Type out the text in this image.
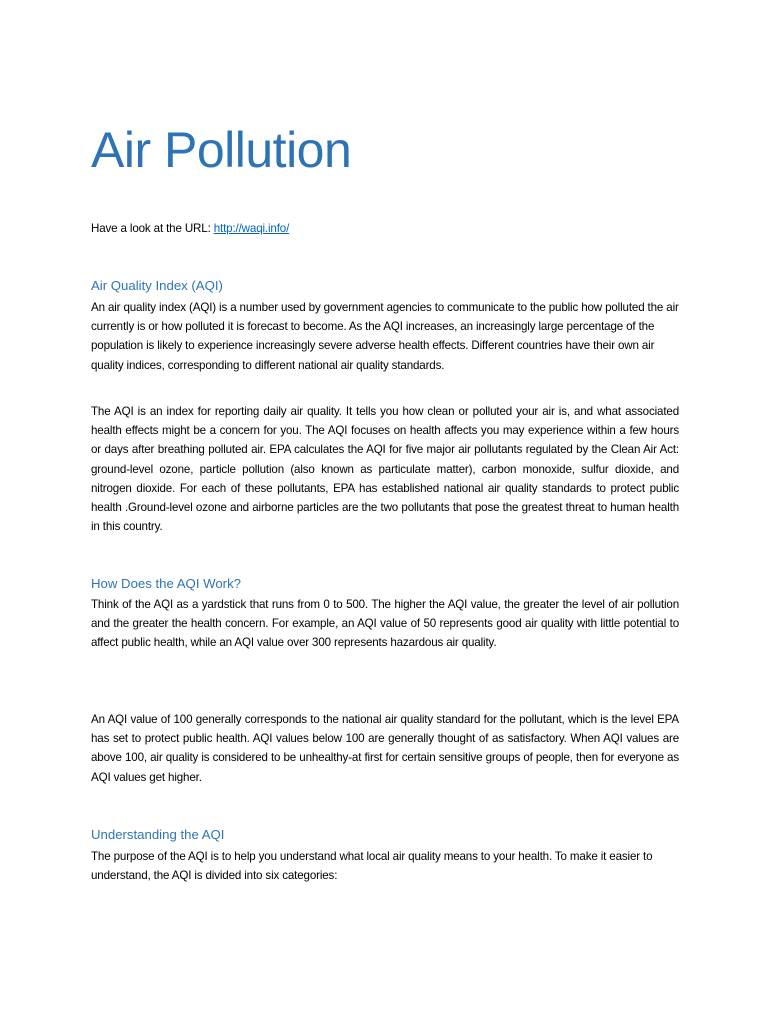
Air Pollution

Have a look at the URL: http://waqi.info/

Air Quality Index (AQI)

An air quality index (AQI) is a number used by government agencies to communicate to the public how polluted the air currently is or how polluted it is forecast to become. As the AQI increases, an increasingly large percentage of the population is likely to experience increasingly severe adverse health effects. Different countries have their own air quality indices, corresponding to different national air quality standards.

The AQI is an index for reporting daily air quality. It tells you how clean or polluted your air is, and what associated health effects might be a concern for you. The AQI focuses on health affects you may experience within a few hours or days after breathing polluted air. EPA calculates the AQI for five major air pollutants regulated by the Clean Air Act: ground-level ozone, particle pollution (also known as particulate matter), carbon monoxide, sulfur dioxide, and nitrogen dioxide. For each of these pollutants, EPA has established national air quality standards to protect public health .Ground-level ozone and airborne particles are the two pollutants that pose the greatest threat to human health in this country.

How Does the AQI Work?

Think of the AQI as a yardstick that runs from 0 to 500. The higher the AQI value, the greater the level of air pollution and the greater the health concern. For example, an AQI value of 50 represents good air quality with little potential to affect public health, while an AQI value over 300 represents hazardous air quality.

An AQI value of 100 generally corresponds to the national air quality standard for the pollutant, which is the level EPA has set to protect public health. AQI values below 100 are generally thought of as satisfactory. When AQI values are above 100, air quality is considered to be unhealthy-at first for certain sensitive groups of people, then for everyone as AQI values get higher.

Understanding the AQI

The purpose of the AQI is to help you understand what local air quality means to your health. To make it easier to understand, the AQI is divided into six categories:
